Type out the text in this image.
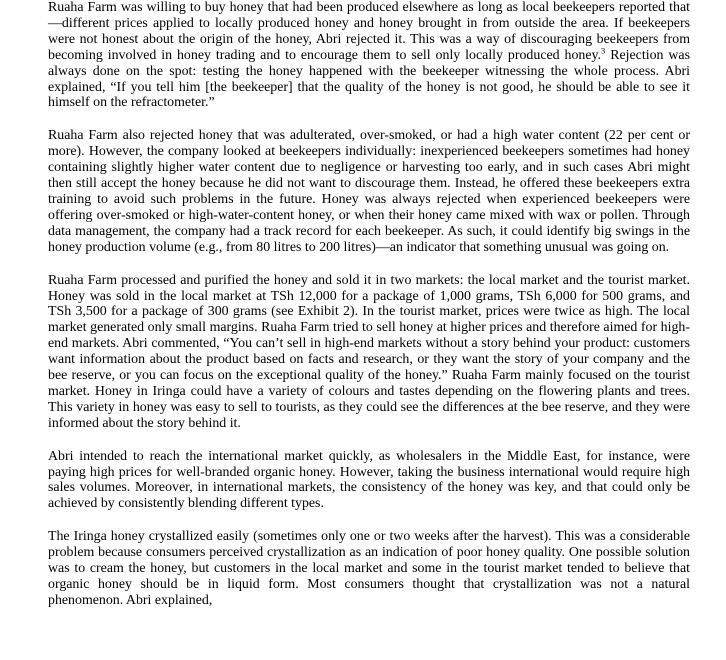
Ruaha Farm was willing to buy honey that had been produced elsewhere as long as local beekeepers reported that—different prices applied to locally produced honey and honey brought in from outside the area. If beekeepers were not honest about the origin of the honey, Abri rejected it. This was a way of discouraging beekeepers from becoming involved in honey trading and to encourage them to sell only locally produced honey.$^3$ Rejection was always done on the spot: testing the honey happened with the beekeeper witnessing the whole process. Abri explained, “If you tell him [the beekeeper] that the quality of the honey is not good, he should be able to see it himself on the refractometer.”

Ruaha Farm also rejected honey that was adulterated, over-smoked, or had a high water content (22 per cent or more). However, the company looked at beekeepers individually: inexperienced beekeepers sometimes had honey containing slightly higher water content due to negligence or harvesting too early, and in such cases Abri might then still accept the honey because he did not want to discourage them. Instead, he offered these beekeepers extra training to avoid such problems in the future. Honey was always rejected when experienced beekeepers were offering over-smoked or high-water-content honey, or when their honey came mixed with wax or pollen. Through data management, the company had a track record for each beekeeper. As such, it could identify big swings in the honey production volume (e.g., from 80 litres to 200 litres)—an indicator that something unusual was going on.

Ruaha Farm processed and purified the honey and sold it in two markets: the local market and the tourist market. Honey was sold in the local market at TSh 12,000 for a package of 1,000 grams, TSh 6,000 for 500 grams, and TSh 3,500 for a package of 300 grams (see Exhibit 2). In the tourist market, prices were twice as high. The local market generated only small margins. Ruaha Farm tried to sell honey at higher prices and therefore aimed for high-end markets. Abri commented, “You can’t sell in high-end markets without a story behind your product: customers want information about the product based on facts and research, or they want the story of your company and the bee reserve, or you can focus on the exceptional quality of the honey.” Ruaha Farm mainly focused on the tourist market. Honey in Iringa could have a variety of colours and tastes depending on the flowering plants and trees. This variety in honey was easy to sell to tourists, as they could see the differences at the bee reserve, and they were informed about the story behind it.

Abri intended to reach the international market quickly, as wholesalers in the Middle East, for instance, were paying high prices for well-branded organic honey. However, taking the business international would require high sales volumes. Moreover, in international markets, the consistency of the honey was key, and that could only be achieved by consistently blending different types.

The Iringa honey crystallized easily (sometimes only one or two weeks after the harvest). This was a considerable problem because consumers perceived crystallization as an indication of poor honey quality. One possible solution was to cream the honey, but customers in the local market and some in the tourist market tended to believe that organic honey should be in liquid form. Most consumers thought that crystallization was not a natural phenomenon. Abri explained,
